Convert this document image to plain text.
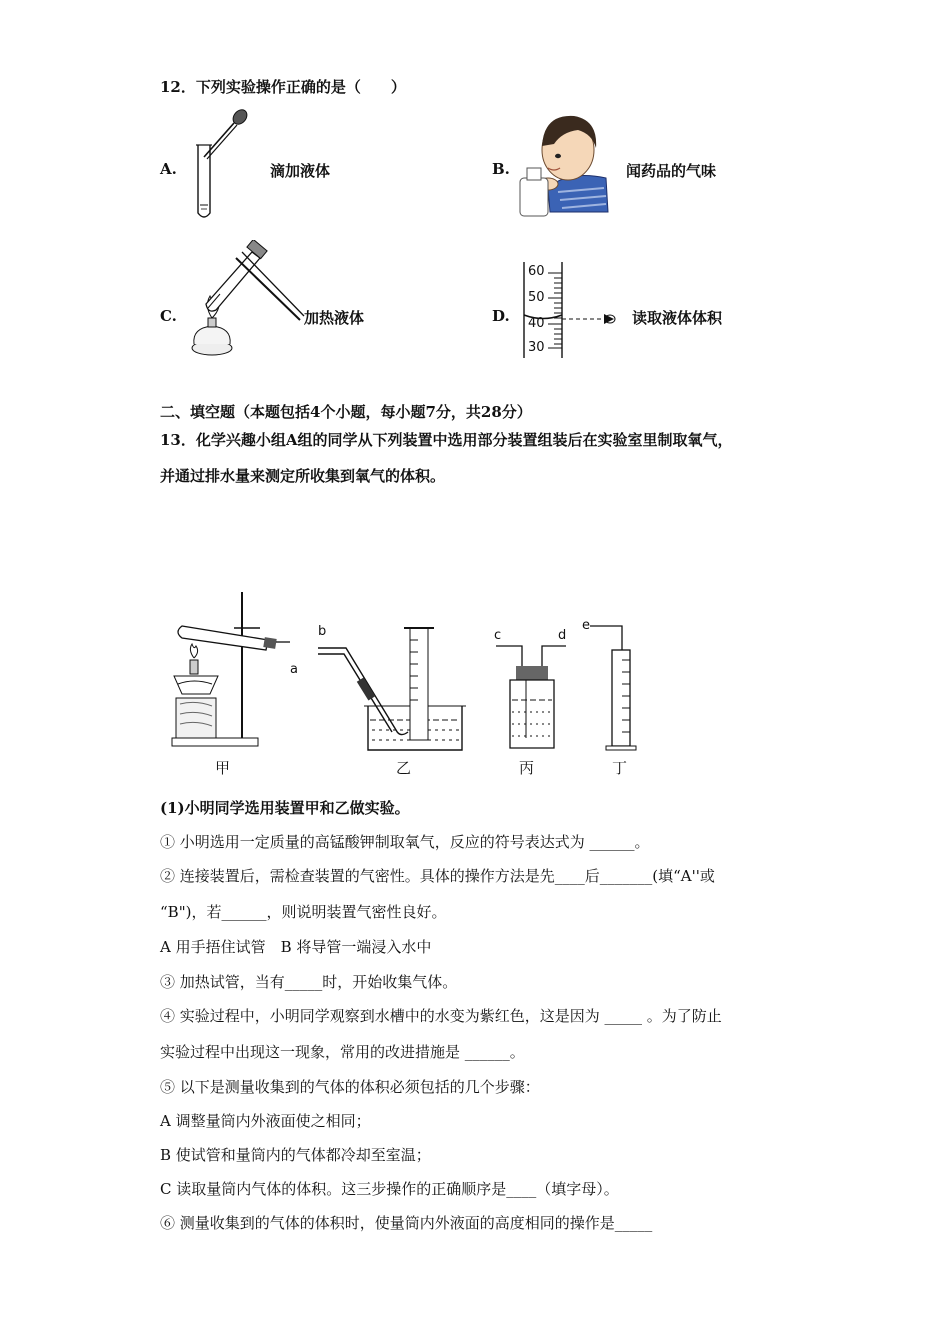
12．下列实验操作正确的是（　　）
A.	滴加液体	B.	闻药品的气味
C.	加热液体	D.
60
50
40
30
读取液体体积
二、填空题（本题包括4个小题，每小题7分，共28分）
13．化学兴趣小组A组的同学从下列装置中选用部分装置组装后在实验室里制取氧气，
并通过排水量来测定所收集到氧气的体积。
a
b	c	d
e
甲	乙	丙	丁
(1)小明同学选用装置甲和乙做实验。
① 小明选用一定质量的高锰酸钾制取氧气，反应的符号表达式为 ______。
② 连接装置后，需检查装置的气密性。具体的操作方法是先____后_______(填“A''或
“B")，若______，则说明装置气密性良好。
A 用手捂住试管　B 将导管一端浸入水中
③ 加热试管，当有_____时，开始收集气体。
④ 实验过程中，小明同学观察到水槽中的水变为紫红色，这是因为 _____ 。为了防止
实验过程中出现这一现象，常用的改进措施是 ______。
⑤ 以下是测量收集到的气体的体积必须包括的几个步骤：
A 调整量筒内外液面使之相同；
B 使试管和量筒内的气体都冷却至室温；
C 读取量筒内气体的体积。这三步操作的正确顺序是____（填字母）。
⑥ 测量收集到的气体的体积时，使量筒内外液面的高度相同的操作是_____
